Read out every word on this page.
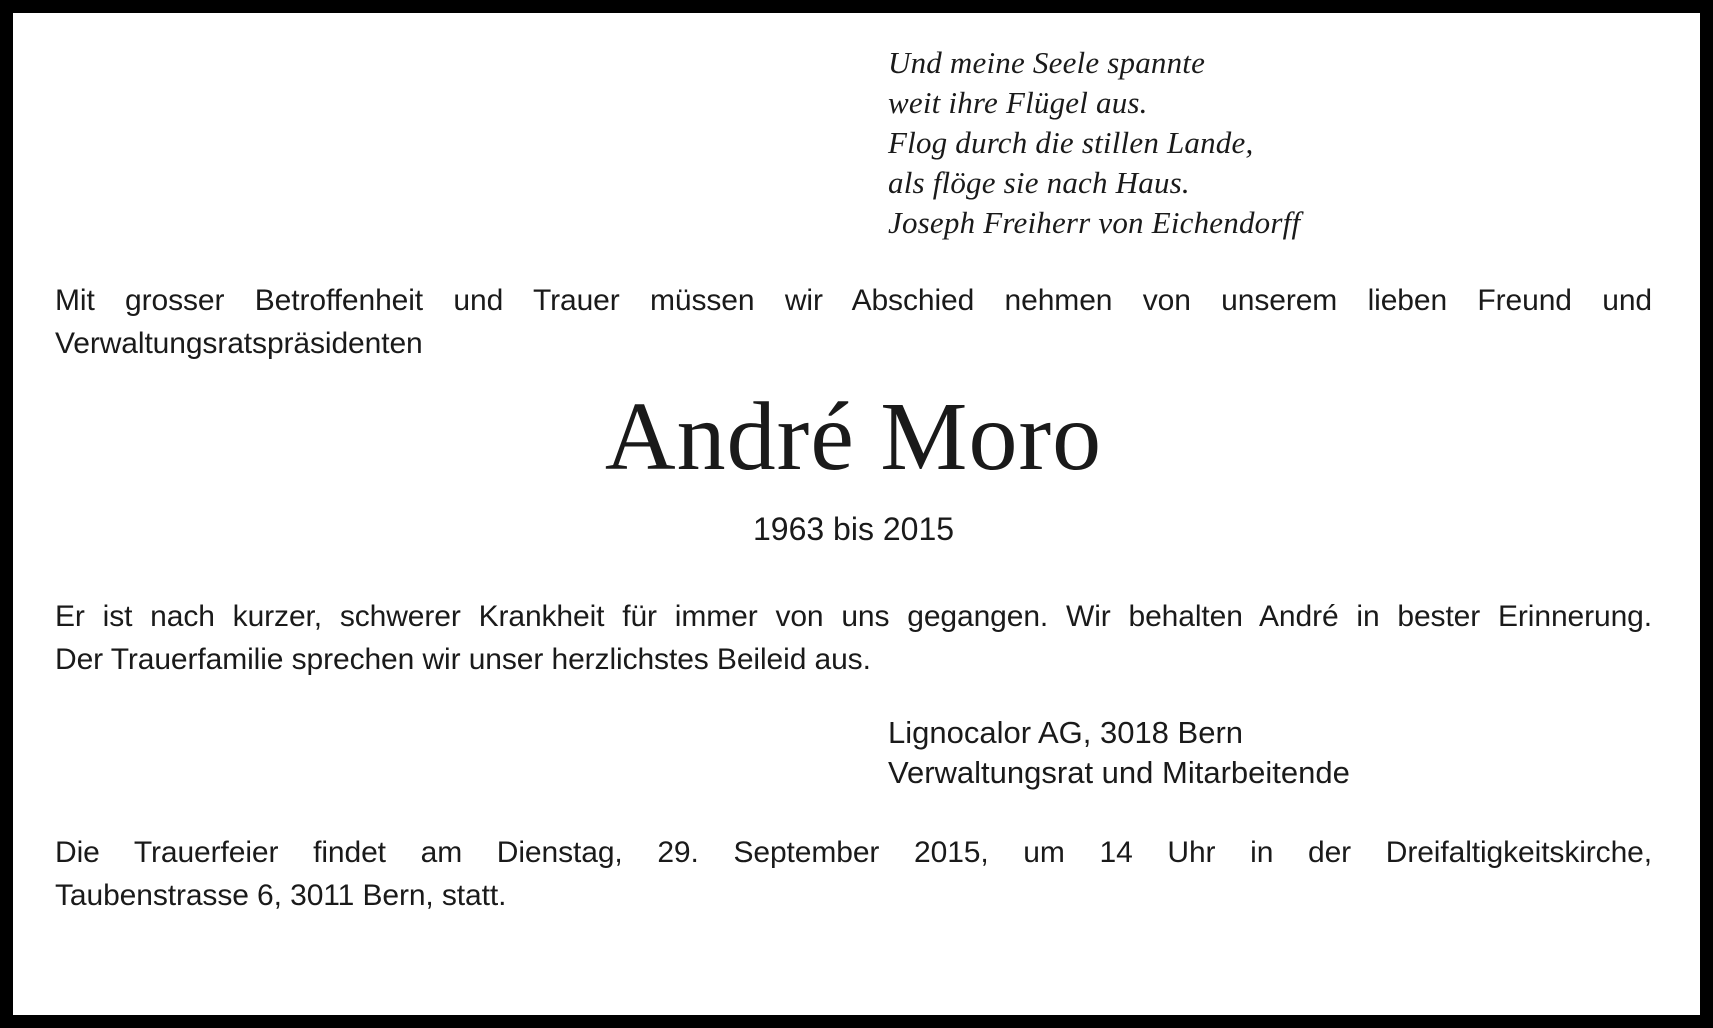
Und meine Seele spannte
weit ihre Flügel aus.
Flog durch die stillen Lande,
als flöge sie nach Haus.
Joseph Freiherr von Eichendorff
Mit grosser Betroffenheit und Trauer müssen wir Abschied nehmen von unserem lieben Freund und
Verwaltungsratspräsidenten
André Moro
1963 bis 2015
Er ist nach kurzer, schwerer Krankheit für immer von uns gegangen. Wir behalten André in bester Erinnerung.
Der Trauerfamilie sprechen wir unser herzlichstes Beileid aus.
Lignocalor AG, 3018 Bern
Verwaltungsrat und Mitarbeitende
Die Trauerfeier findet am Dienstag, 29. September 2015, um 14 Uhr in der Dreifaltigkeitskirche,
Taubenstrasse 6, 3011 Bern, statt.
